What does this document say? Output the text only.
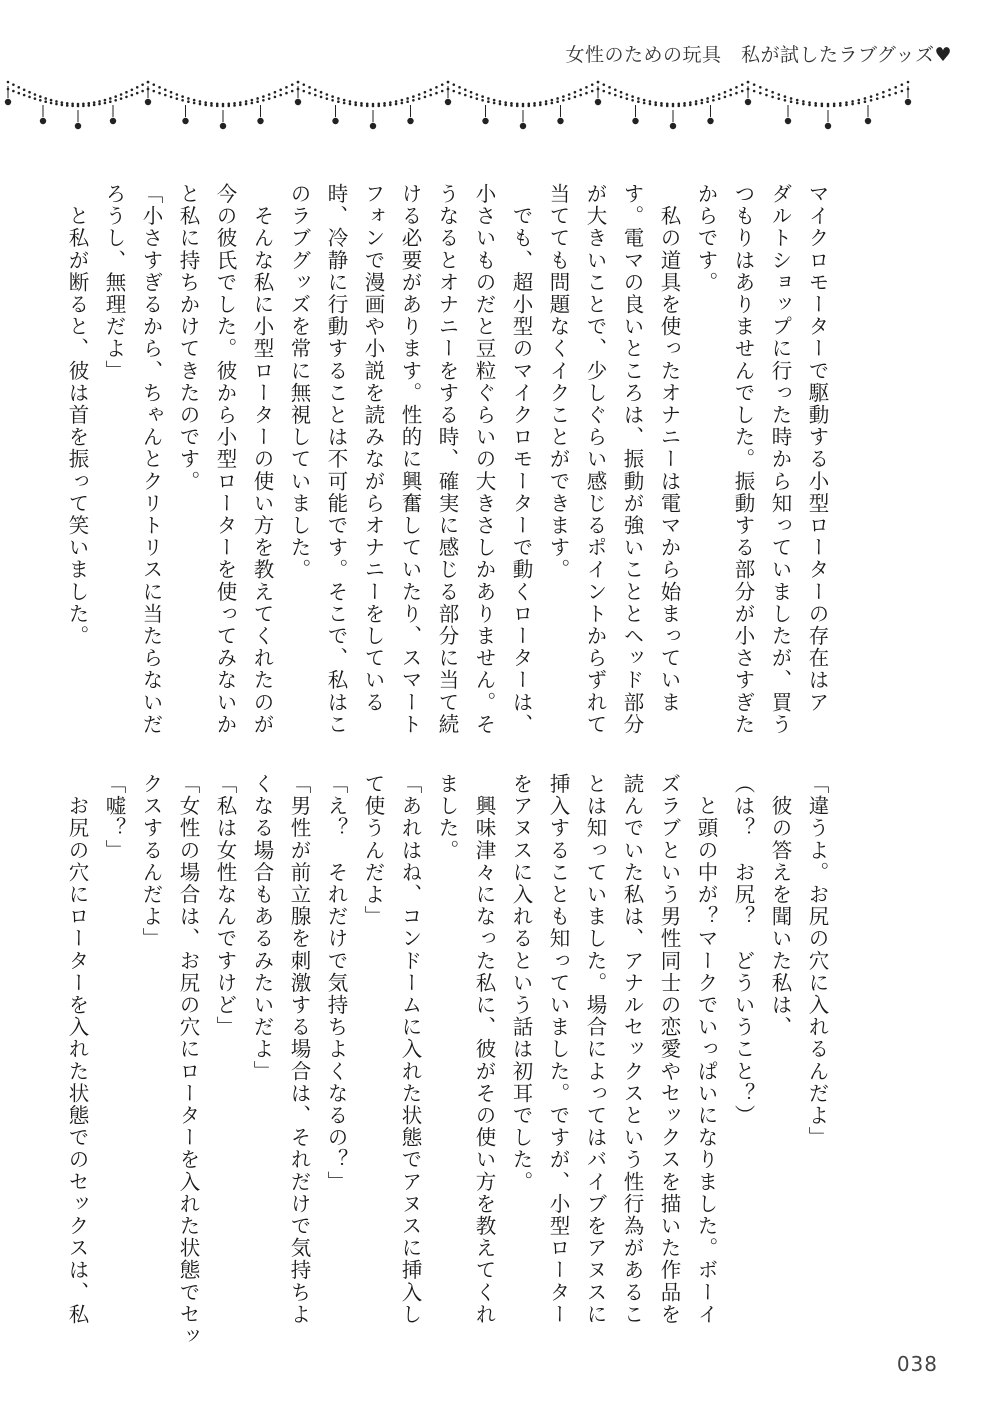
女性のための玩具　私が試したラブグッズ♥
マイクロモーターで駆動する小型ローターの存在はア
ダルトショップに行った時から知っていましたが、買う
つもりはありませんでした。振動する部分が小さすぎた
からです。
　私の道具を使ったオナニーは電マから始まっていま
す。電マの良いところは、振動が強いこととヘッド部分
が大きいことで、少しぐらい感じるポイントからずれて
当てても問題なくイクことができます。
　でも、超小型のマイクロモーターで動くローターは、
小さいものだと豆粒ぐらいの大きさしかありません。そ
うなるとオナニーをする時、確実に感じる部分に当て続
ける必要があります。性的に興奮していたり、スマート
フォンで漫画や小説を読みながらオナニーをしている
時、冷静に行動することは不可能です。そこで、私はこ
のラブグッズを常に無視していました。
　そんな私に小型ローターの使い方を教えてくれたのが
今の彼氏でした。彼から小型ローターを使ってみないか
と私に持ちかけてきたのです。
「小さすぎるから、ちゃんとクリトリスに当たらないだ
ろうし、無理だよ」
　と私が断ると、彼は首を振って笑いました。
「違うよ。お尻の穴に入れるんだよ」
　彼の答えを聞いた私は、
（は？　お尻？　どういうこと？）
　と頭の中が？マークでいっぱいになりました。ボーイ
ズラブという男性同士の恋愛やセックスを描いた作品を
読んでいた私は、アナルセックスという性行為があるこ
とは知っていました。場合によってはバイブをアヌスに
挿入することも知っていました。ですが、小型ローター
をアヌスに入れるという話は初耳でした。
　興味津々になった私に、彼がその使い方を教えてくれ
ました。
「あれはね、コンドームに入れた状態でアヌスに挿入し
て使うんだよ」
「え？　それだけで気持ちよくなるの？」
「男性が前立腺を刺激する場合は、それだけで気持ちよ
くなる場合もあるみたいだよ」
「私は女性なんですけど」
「女性の場合は、お尻の穴にローターを入れた状態でセッ
クスするんだよ」
「嘘？」
　お尻の穴にローターを入れた状態でのセックスは、私
038
